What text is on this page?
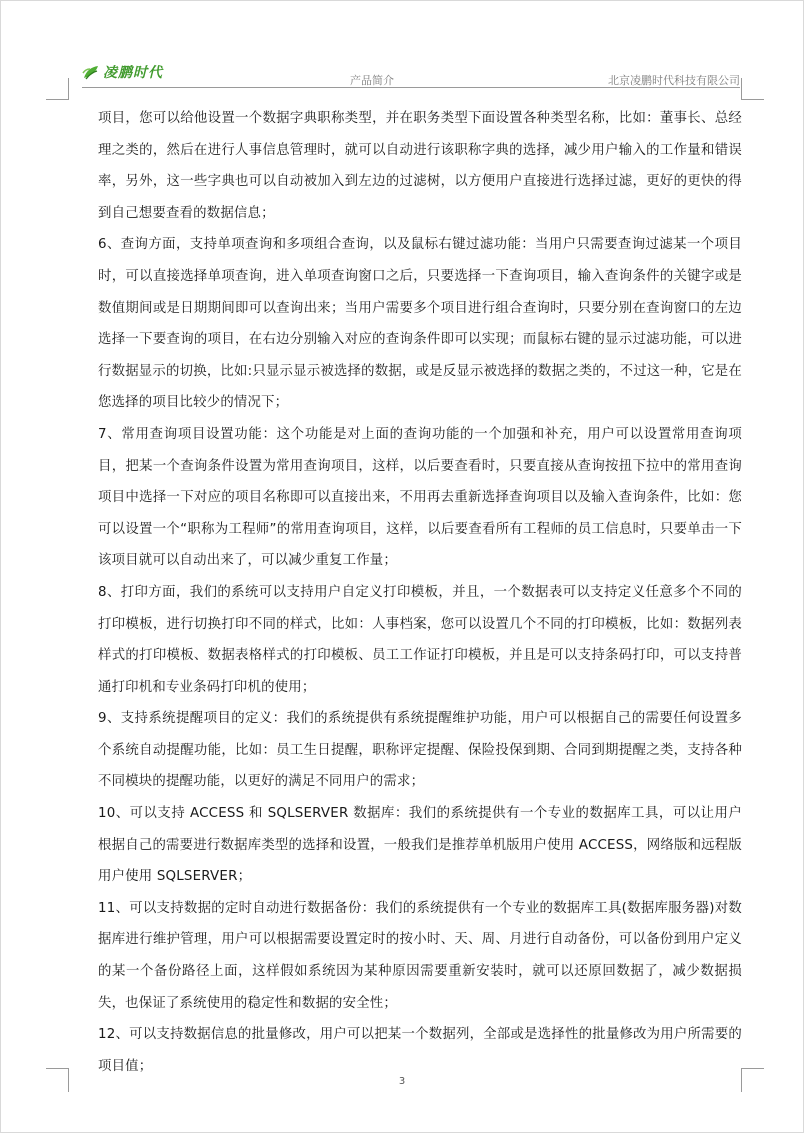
凌鹏时代	产品简介	北京凌鹏时代科技有限公司

项目，您可以给他设置一个数据字典职称类型，并在职务类型下面设置各种类型名称，比如：董事长、总经理之类的，然后在进行人事信息管理时，就可以自动进行该职称字典的选择，减少用户输入的工作量和错误率，另外，这一些字典也可以自动被加入到左边的过滤树，以方便用户直接进行选择过滤，更好的更快的得到自己想要查看的数据信息；

6、查询方面，支持单项查询和多项组合查询，以及鼠标右键过滤功能：当用户只需要查询过滤某一个项目时，可以直接选择单项查询，进入单项查询窗口之后，只要选择一下查询项目，输入查询条件的关键字或是数值期间或是日期期间即可以查询出来；当用户需要多个项目进行组合查询时，只要分别在查询窗口的左边选择一下要查询的项目，在右边分别输入对应的查询条件即可以实现；而鼠标右键的显示过滤功能，可以进行数据显示的切换，比如:只显示显示被选择的数据，或是反显示被选择的数据之类的，不过这一种，它是在您选择的项目比较少的情况下；

7、常用查询项目设置功能：这个功能是对上面的查询功能的一个加强和补充，用户可以设置常用查询项目，把某一个查询条件设置为常用查询项目，这样，以后要查看时，只要直接从查询按扭下拉中的常用查询项目中选择一下对应的项目名称即可以直接出来，不用再去重新选择查询项目以及输入查询条件，比如：您可以设置一个“职称为工程师”的常用查询项目，这样，以后要查看所有工程师的员工信息时，只要单击一下该项目就可以自动出来了，可以减少重复工作量；

8、打印方面，我们的系统可以支持用户自定义打印模板，并且，一个数据表可以支持定义任意多个不同的打印模板，进行切换打印不同的样式，比如：人事档案，您可以设置几个不同的打印模板，比如：数据列表样式的打印模板、数据表格样式的打印模板、员工工作证打印模板，并且是可以支持条码打印，可以支持普通打印机和专业条码打印机的使用；

9、支持系统提醒项目的定义：我们的系统提供有系统提醒维护功能，用户可以根据自己的需要任何设置多个系统自动提醒功能，比如：员工生日提醒，职称评定提醒、保险投保到期、合同到期提醒之类，支持各种不同模块的提醒功能，以更好的满足不同用户的需求；

10、可以支持 ACCESS 和 SQLSERVER 数据库：我们的系统提供有一个专业的数据库工具，可以让用户根据自己的需要进行数据库类型的选择和设置，一般我们是推荐单机版用户使用 ACCESS，网络版和远程版用户使用 SQLSERVER；

11、可以支持数据的定时自动进行数据备份：我们的系统提供有一个专业的数据库工具(数据库服务器)对数据库进行维护管理，用户可以根据需要设置定时的按小时、天、周、月进行自动备份，可以备份到用户定义的某一个备份路径上面，这样假如系统因为某种原因需要重新安装时，就可以还原回数据了，减少数据损失，也保证了系统使用的稳定性和数据的安全性；

12、可以支持数据信息的批量修改，用户可以把某一个数据列，全部或是选择性的批量修改为用户所需要的项目值；

3
